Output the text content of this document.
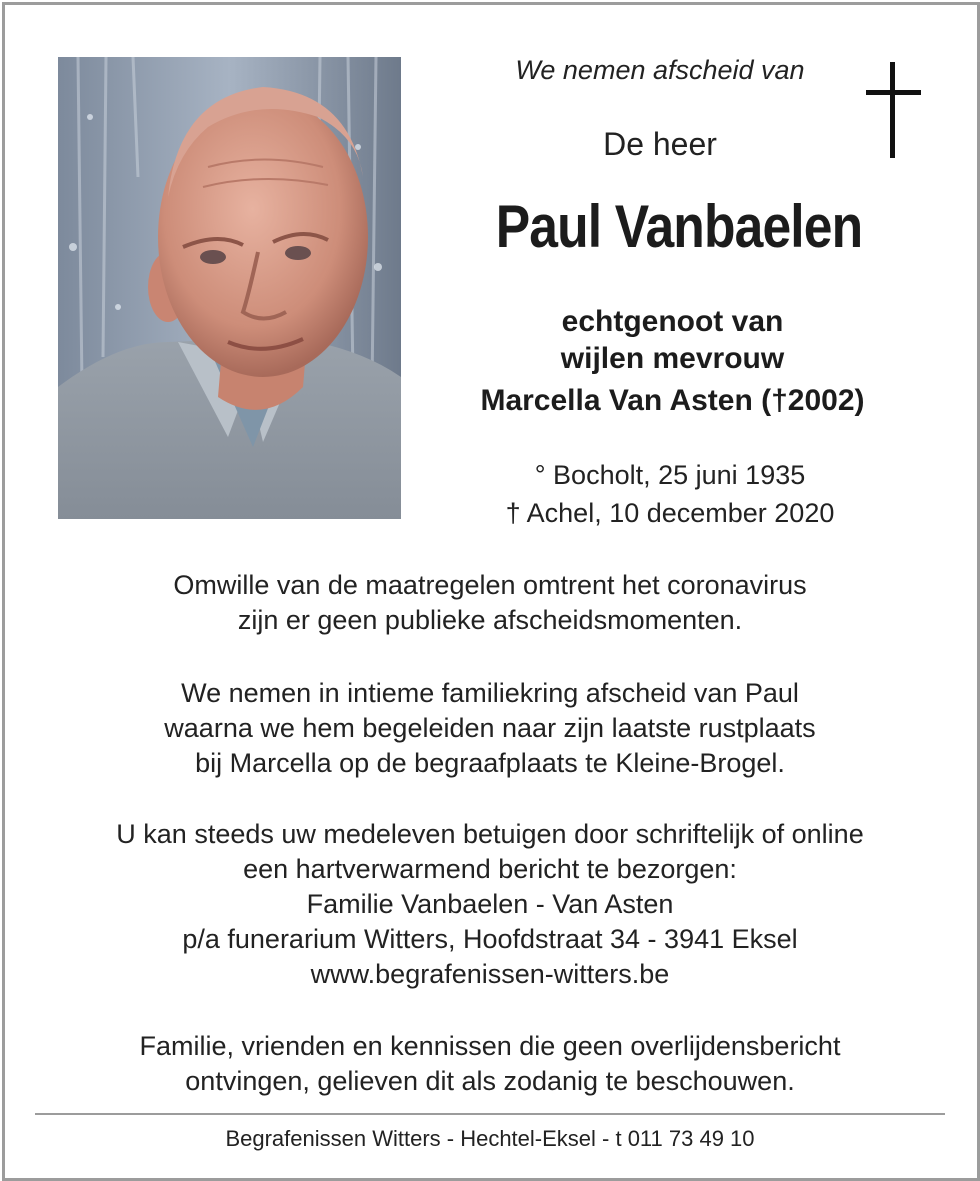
We nemen afscheid van
De heer
Paul Vanbaelen
echtgenoot van
wijlen mevrouw
Marcella Van Asten (†2002)
° Bocholt, 25 juni 1935
† Achel, 10 december 2020
Omwille van de maatregelen omtrent het coronavirus
zijn er geen publieke afscheidsmomenten.
We nemen in intieme familiekring afscheid van Paul
waarna we hem begeleiden naar zijn laatste rustplaats
bij Marcella op de begraafplaats te Kleine-Brogel.
U kan steeds uw medeleven betuigen door schriftelijk of online
een hartverwarmend bericht te bezorgen:
Familie Vanbaelen - Van Asten
p/a funerarium Witters, Hoofdstraat 34 - 3941 Eksel
www.begrafenissen-witters.be
Familie, vrienden en kennissen die geen overlijdensbericht
ontvingen, gelieven dit als zodanig te beschouwen.
Begrafenissen Witters - Hechtel-Eksel - t 011 73 49 10
